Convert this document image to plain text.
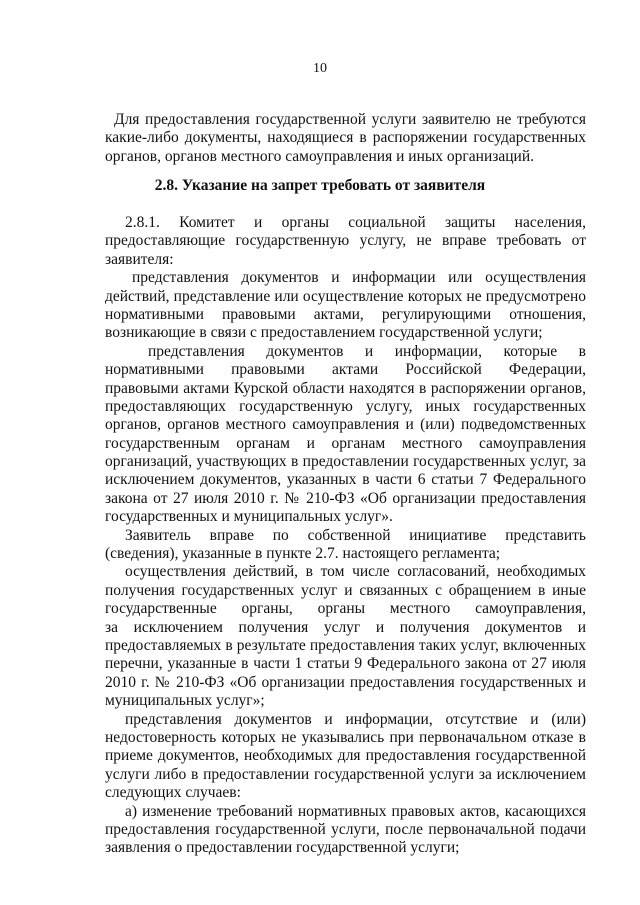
10
Для предоставления государственной услуги заявителю не требуются
какие-либо документы, находящиеся в распоряжении государственных
органов, органов местного самоуправления и иных организаций.
2.8. Указание на запрет требовать от заявителя
2.8.1. Комитет и органы социальной защиты населения,
предоставляющие государственную услугу, не вправе требовать от
заявителя:
представления документов и информации или осуществления
действий, представление или осуществление которых не предусмотрено
нормативными правовыми актами, регулирующими отношения,
возникающие в связи с предоставлением государственной услуги;
представления документов и информации, которые в
нормативными правовыми актами Российской Федерации,
правовыми актами Курской области находятся в распоряжении органов,
предоставляющих государственную услугу, иных государственных
органов, органов местного самоуправления и (или) подведомственных
государственным органам и органам местного самоуправления
организаций, участвующих в предоставлении государственных услуг, за
исключением документов, указанных в части 6 статьи 7 Федерального
закона от 27 июля 2010 г. № 210-ФЗ «Об организации предоставления
государственных и муниципальных услуг».
Заявитель вправе по собственной инициативе представить
(сведения), указанные в пункте 2.7. настоящего регламента;
осуществления действий, в том числе согласований, необходимых
получения государственных услуг и связанных с обращением в иные
государственные органы, органы местного самоуправления,
за исключением получения услуг и получения документов и
предоставляемых в результате предоставления таких услуг, включенных
перечни, указанные в части 1 статьи 9 Федерального закона от 27 июля
2010 г. № 210-ФЗ «Об организации предоставления государственных и
муниципальных услуг»;
представления документов и информации, отсутствие и (или)
недостоверность которых не указывались при первоначальном отказе в
приеме документов, необходимых для предоставления государственной
услуги либо в предоставлении государственной услуги за исключением
следующих случаев:
а) изменение требований нормативных правовых актов, касающихся
предоставления государственной услуги, после первоначальной подачи
заявления о предоставлении государственной услуги;
